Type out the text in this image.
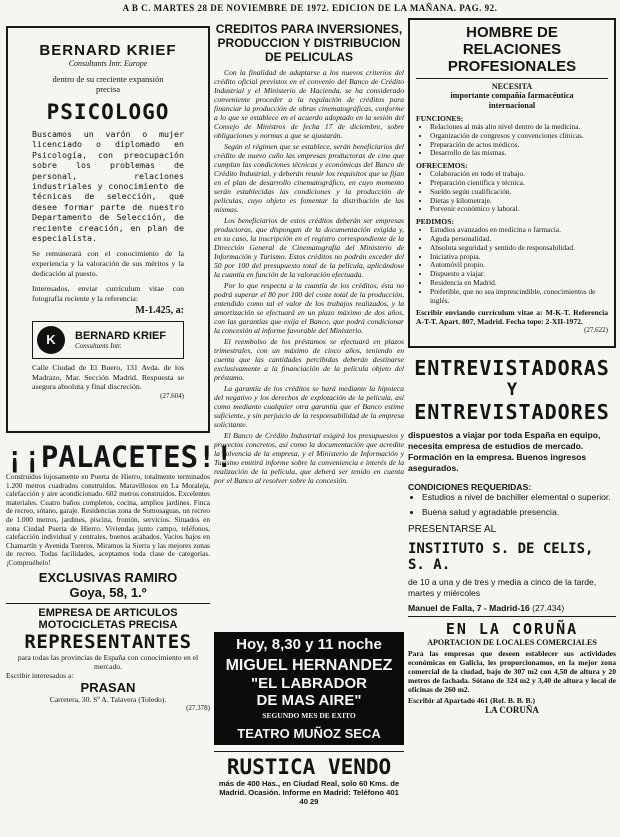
A B C. MARTES 28 DE NOVIEMBRE DE 1972. EDICION DE LA MAÑANA. PAG. 92.
BERNARD KRIEF
Consultants Intr. Europe
dentro de su creciente expansión precisa
PSICOLOGO
Buscamos un varón o mujer licenciado o diplomado en Psicología, con preocupación sobre los problemas de personal, relaciones industriales y conocimiento de técnicas de selección, que desee formar parte de nuestro Departamento de Selección, de reciente creación, en plan de especialista.
Se remunerará con el conocimiento de la experiencia y la valoración de sus méritos y la dedicación al puesto.
Interesados, enviar currículum vitae con fotografía reciente y la referencia:
M-1.425, a:
K BERNARD KRIEF
Consultants Intr.
Calle Ciudad de El Buero, 131 Avda. de los Madrazo, Mar. Sección Madrid. Respuesta se asegura absoluta y final discreción.
(27.604)
¡¡PALACETES!!
Construidos lujosamente en Puerta de Hierro, totalmente terminados 1.200 metros cuadrados construidos. Maravillosos en La Moraleja, calefacción y aire acondicionado. 602 metros construidos. Excelentes materiales. Cuatro baños completos, cocina, amplios jardines. Finca de recreo, sótano, garaje. Residencias zona de Somosaguas, un recreo de 1.000 metros, jardines, piscina, frontón, servicios. Situados en zona Ciudad Puerta de Hierro. Viviendas junto campo, teléfonos, calefacción individual y centrales, buenos acabados. Vacíos bajos en Chamartín y Avenida Toreros. Miramos la Sierra y las mejores zonas de recreo. Todas facilidades, aceptamos toda clase de categorías. ¡Compruébelo!
EXCLUSIVAS RAMIRO
Goya, 58, 1.º
EMPRESA DE ARTICULOS
MOTOCICLETAS PRECISA
REPRESENTANTES
para todas las provincias de España con conocimiento en el mercado.
Escribir interesados a:
PRASAN
Carretera, 30. Sº A. Talavera (Toledo).
(27.378)
CREDITOS PARA INVERSIONES, PRODUCCION Y DISTRIBUCION DE PELICULAS
Con la finalidad de adaptarse a los nuevos criterios del crédito oficial previstos en el convenio del Banco de Crédito Industrial y el Ministerio de Hacienda, se ha considerado conveniente proceder a la regulación de créditos para financiar la producción de obras cinematográficas, conforme a lo que se establece en el acuerdo adoptado en la sesión del Consejo de Ministros de fecha 17 de diciembre, sobre obligaciones y normas a que se ajustarán.
Según el régimen que se establece, serán beneficiarios del crédito de nuevo cuño las empresas productoras de cine que cumplan las condiciones técnicas y económicas del Banco de Crédito Industrial, y deberán reunir los requisitos que se fijan en el plan de desarrollo cinematográfico, en cuyo momento serán establecidas las condiciones y la producción de películas, cuyo objeto es fomentar la distribución de las mismas.
Los beneficiarios de estos créditos deberán ser empresas productoras, que dispongan de la documentación exigida y, en su caso, la inscripción en el registro correspondiente de la Dirección General de Cinematografía del Ministerio de Información y Turismo. Estos créditos no podrán exceder del 50 por 100 del presupuesto total de la película, aplicándose la cuantía en función de la valoración efectuada.
Por lo que respecta a la cuantía de los créditos, ésta no podrá superar el 80 por 100 del coste total de la producción, entendido como tal el valor de los trabajos realizados, y la amortización se efectuará en un plazo máximo de dos años, con las garantías que exija el Banco, que podrá condicionar la concesión al informe favorable del Ministerio.
El reembolso de los préstamos se efectuará en plazos trimestrales, con un máximo de cinco años, teniendo en cuenta que las cantidades percibidas deberán destinarse exclusivamente a la financiación de la película objeto del préstamo.
La garantía de los créditos se hará mediante la hipoteca del negativo y los derechos de explotación de la película, así como mediante cualquier otra garantía que el Banco estime suficiente, y sin perjuicio de la responsabilidad de la empresa solicitante.
El Banco de Crédito Industrial exigirá los presupuestos y proyectos concretos, así como la documentación que acredite la solvencia de la empresa, y el Ministerio de Información y Turismo emitirá informe sobre la conveniencia e interés de la realización de la película, que deberá ser tenido en cuenta por el Banco al resolver sobre la concesión.
Hoy, 8,30 y 11 noche
MIGUEL HERNANDEZ
"EL LABRADOR
DE MAS AIRE"
SEGUNDO MES DE EXITO
TEATRO MUÑOZ SECA
RUSTICA VENDO
más de 400 Has., en Ciudad Real, solo 60 Kms. de Madrid. Ocasión. Informe en Madrid: Teléfono 401 40 29
HOMBRE DE RELACIONES
PROFESIONALES
NECESITA
importante compañía farmacéutica internacional
FUNCIONES:
• Relaciones al más alto nivel dentro de la medicina.
• Organización de congresos y convenciones clínicas.
• Preparación de actos médicos.
• Desarrollo de las mismas.
OFRECEMOS:
• Colaboración en todo el trabajo.
• Preparación científica y técnica.
• Sueldo según cualificación.
• Dietas y kilometraje.
• Porvenir económico y laboral.
PEDIMOS:
• Estudios avanzados en medicina o farmacia.
• Aguda personalidad.
• Absoluta seguridad y sentido de responsabilidad.
• Iniciativa propia.
• Automóvil propio.
• Dispuesto a viajar.
• Residencia en Madrid.
• Preferible, que no sea imprescindible, conocimientos de inglés.
Escribir enviando currículum vitae a: M-K-T. Referencia A-T-T. Apart. 807, Madrid. Fecha tope: 2-XII-1972.
(27.622)
ENTREVISTADORAS
Y
ENTREVISTADORES
dispuestos a viajar por toda España en equipo, necesita empresa de estudios de mercado. Formación en la empresa. Buenos ingresos asegurados.
CONDICIONES REQUERIDAS:
• Estudios a nivel de bachiller elemental o superior.
• Buena salud y agradable presencia.
PRESENTARSE AL
INSTITUTO S. DE CELIS, S. A.
de 10 a una y de tres y media a cinco de la tarde, martes y miércoles
Manuel de Falla, 7 - Madrid-16 (27.434)
EN LA CORUÑA
APORTACION DE LOCALES COMERCIALES
Para las empresas que deseen establecer sus actividades económicas en Galicia, les proporcionamos, en la mejor zona comercial de la ciudad, bajo de 307 m2 con 4,50 de altura y 20 metros de fachada. Sótano de 324 m2 y 3,40 de altura y local de oficinas de 260 m2.
Escribir al Apartado 461 (Ref. B. B. B.)
LA CORUÑA
